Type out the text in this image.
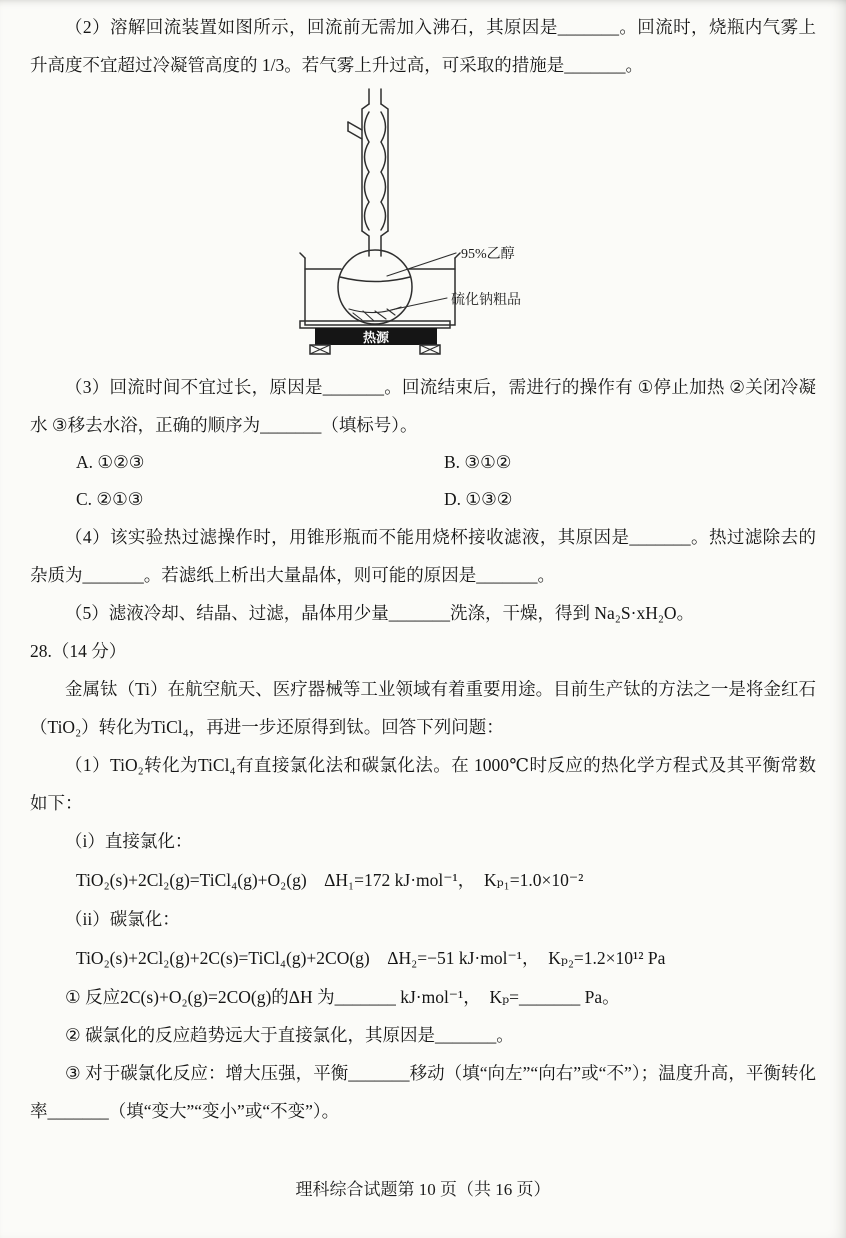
（2）溶解回流装置如图所示，回流前无需加入沸石，其原因是_______。回流时，烧瓶内气雾上升高度不宜超过冷凝管高度的 1/3。若气雾上升过高，可采取的措施是_______。

95%乙醇
硫化钠粗品
热源

（3）回流时间不宜过长，原因是_______。回流结束后，需进行的操作有 ①停止加热 ②关闭冷凝水 ③移去水浴，正确的顺序为_______（填标号）。

A. ①②③	B. ③①②
C. ②①③	D. ①③②

（4）该实验热过滤操作时，用锥形瓶而不能用烧杯接收滤液，其原因是_______。热过滤除去的杂质为_______。若滤纸上析出大量晶体，则可能的原因是_______。

（5）滤液冷却、结晶、过滤，晶体用少量_______洗涤，干燥，得到 Na₂S·xH₂O。

28.（14 分）

金属钛（Ti）在航空航天、医疗器械等工业领域有着重要用途。目前生产钛的方法之一是将金红石（TiO₂）转化为TiCl₄，再进一步还原得到钛。回答下列问题：

（1）TiO₂转化为TiCl₄有直接氯化法和碳氯化法。在 1000℃时反应的热化学方程式及其平衡常数如下：

（i）直接氯化：

TiO₂(s)+2Cl₂(g)=TiCl₄(g)+O₂(g)　ΔH₁=172 kJ·mol⁻¹，　Kₚ₁=1.0×10⁻²

（ii）碳氯化：

TiO₂(s)+2Cl₂(g)+2C(s)=TiCl₄(g)+2CO(g)　ΔH₂=−51 kJ·mol⁻¹，　Kₚ₂=1.2×10¹² Pa

① 反应2C(s)+O₂(g)=2CO(g)的ΔH 为_______ kJ·mol⁻¹，　Kₚ=_______ Pa。

② 碳氯化的反应趋势远大于直接氯化，其原因是_______。

③ 对于碳氯化反应：增大压强，平衡_______移动（填“向左”“向右”或“不”）；温度升高，平衡转化率_______（填“变大”“变小”或“不变”）。

理科综合试题第 10 页（共 16 页）
